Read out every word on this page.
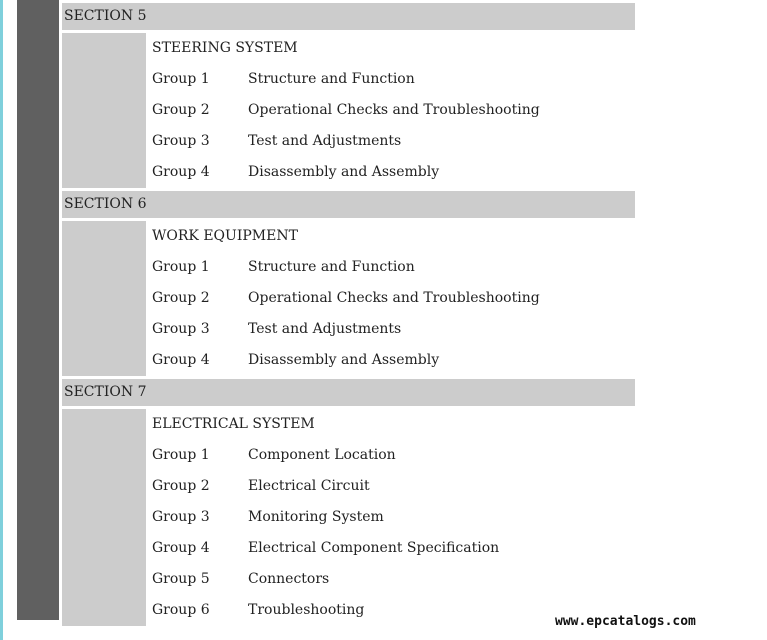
SECTION 5
STEERING SYSTEM
Group 1	Structure and Function
Group 2	Operational Checks and Troubleshooting
Group 3	Test and Adjustments
Group 4	Disassembly and Assembly
SECTION 6
WORK EQUIPMENT
Group 1	Structure and Function
Group 2	Operational Checks and Troubleshooting
Group 3	Test and Adjustments
Group 4	Disassembly and Assembly
SECTION 7
ELECTRICAL SYSTEM
Group 1	Component Location
Group 2	Electrical Circuit
Group 3	Monitoring System
Group 4	Electrical Component Specification
Group 5	Connectors
Group 6	Troubleshooting
www.epcatalogs.com
